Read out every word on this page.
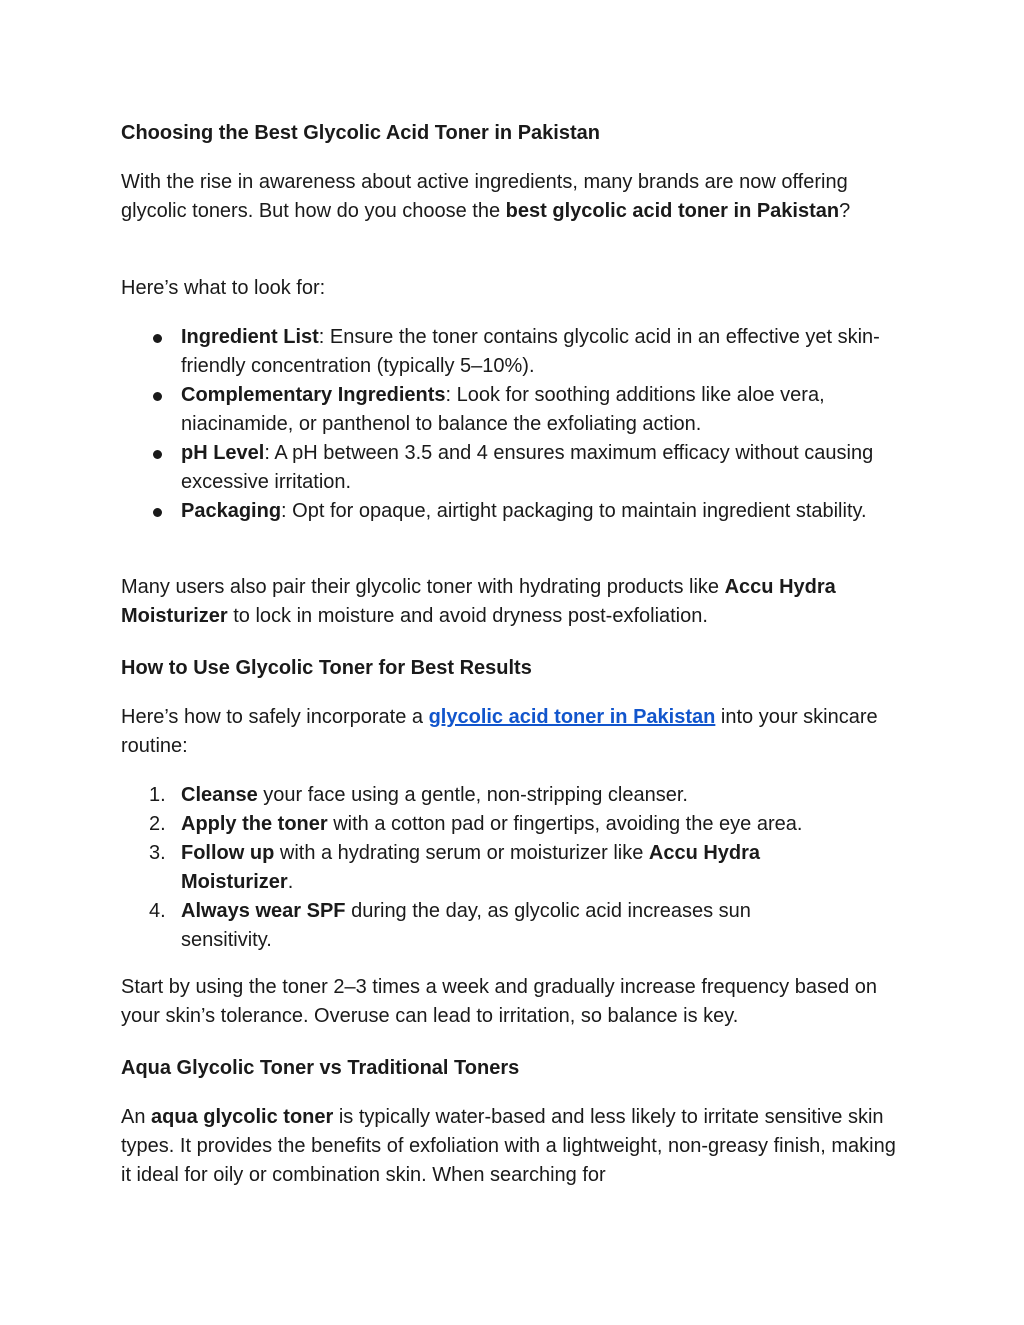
Choosing the Best Glycolic Acid Toner in Pakistan

With the rise in awareness about active ingredients, many brands are now offering glycolic toners. But how do you choose the best glycolic acid toner in Pakistan?

Here’s what to look for:

Ingredient List: Ensure the toner contains glycolic acid in an effective yet skin-friendly concentration (typically 5–10%).
Complementary Ingredients: Look for soothing additions like aloe vera, niacinamide, or panthenol to balance the exfoliating action.
pH Level: A pH between 3.5 and 4 ensures maximum efficacy without causing excessive irritation.
Packaging: Opt for opaque, airtight packaging to maintain ingredient stability.

Many users also pair their glycolic toner with hydrating products like Accu Hydra Moisturizer to lock in moisture and avoid dryness post-exfoliation.

How to Use Glycolic Toner for Best Results

Here’s how to safely incorporate a glycolic acid toner in Pakistan into your skincare routine:

1. Cleanse your face using a gentle, non-stripping cleanser.
2. Apply the toner with a cotton pad or fingertips, avoiding the eye area.
3. Follow up with a hydrating serum or moisturizer like Accu Hydra Moisturizer.
4. Always wear SPF during the day, as glycolic acid increases sun sensitivity.

Start by using the toner 2–3 times a week and gradually increase frequency based on your skin’s tolerance. Overuse can lead to irritation, so balance is key.

Aqua Glycolic Toner vs Traditional Toners

An aqua glycolic toner is typically water-based and less likely to irritate sensitive skin types. It provides the benefits of exfoliation with a lightweight, non-greasy finish, making it ideal for oily or combination skin. When searching for
